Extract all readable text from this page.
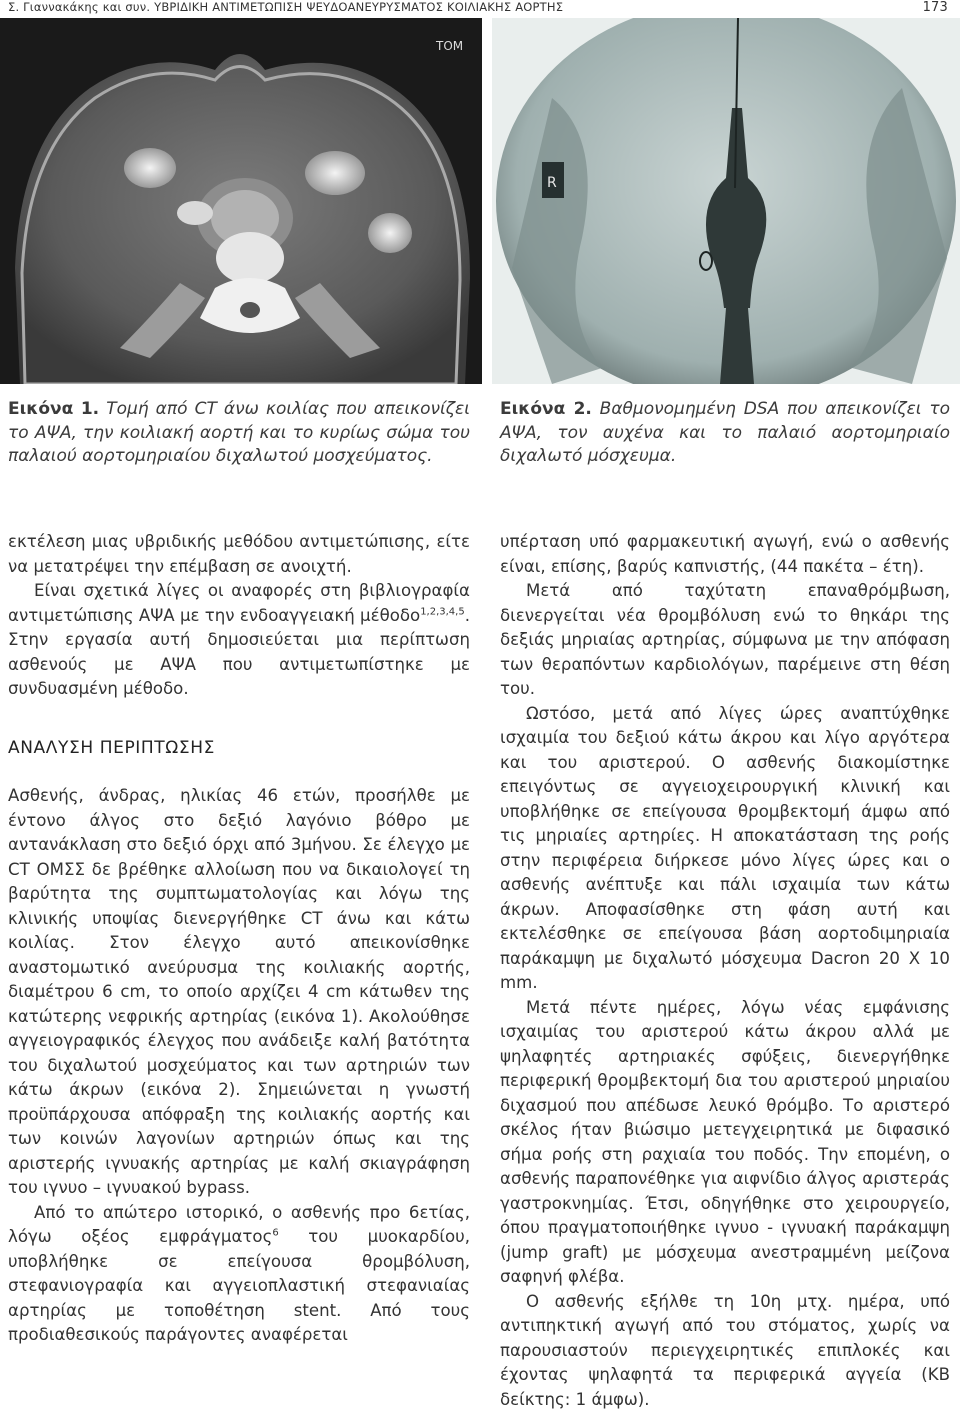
Σ. Γιαννακάκης και συν. ΥΒΡΙΔΙΚΗ ΑΝΤΙΜΕΤΩΠΙΣΗ ΨΕΥΔΟΑΝΕΥΡΥΣΜΑΤΟΣ ΚΟΙΛΙΑΚΗΣ ΑΟΡΤΗΣ	173
TOM
R
Εικόνα 1. Τομή από CT άνω κοιλίας που απεικονίζει το ΑΨΑ, την κοιλιακή αορτή και το κυρίως σώμα του παλαιού αορτομηριαίου διχαλωτού μοσχεύματος.
Εικόνα 2. Βαθμονομημένη DSA που απεικονίζει το ΑΨΑ, τον αυχένα και το παλαιό αορτομηριαίο διχαλωτό μόσχευμα.

εκτέλεση μιας υβριδικής μεθόδου αντιμετώπισης, είτε να μετατρέψει την επέμβαση σε ανοιχτή.

Είναι σχετικά λίγες οι αναφορές στη βιβλιογραφία αντιμετώπισης ΑΨΑ με την ενδοαγγειακή μέθοδο$^{1,2,3,4,5}$. Στην εργασία αυτή δημοσιεύεται μια περίπτωση ασθενούς με ΑΨΑ που αντιμετωπίστηκε με συνδυασμένη μέθοδο.

ΑΝΑΛΥΣΗ ΠΕΡΙΠΤΩΣΗΣ

Ασθενής, άνδρας, ηλικίας 46 ετών, προσήλθε με έντονο άλγος στο δεξιό λαγόνιο βόθρο με αντανάκλαση στο δεξιό όρχι από 3μήνου. Σε έλεγχο με CT ΟΜΣΣ δε βρέθηκε αλλοίωση που να δικαιολογεί τη βαρύτητα της συμπτωματολογίας και λόγω της κλινικής υποψίας διενεργήθηκε CT άνω και κάτω κοιλίας. Στον έλεγχο αυτό απεικονίσθηκε αναστομωτικό ανεύρυσμα της κοιλιακής αορτής, διαμέτρου 6 cm, το οποίο αρχίζει 4 cm κάτωθεν της κατώτερης νεφρικής αρτηρίας (εικόνα 1). Ακολούθησε αγγειογραφικός έλεγχος που ανάδειξε καλή βατότητα του διχαλωτού μοσχεύματος και των αρτηριών των κάτω άκρων (εικόνα 2). Σημειώνεται η γνωστή προϋπάρχουσα απόφραξη της κοιλιακής αορτής και των κοινών λαγονίων αρτηριών όπως και της αριστερής ιγνυακής αρτηρίας με καλή σκιαγράφηση του ιγνυο – ιγνυακού bypass.

Από το απώτερο ιστορικό, ο ασθενής προ 6ετίας, λόγω οξέος εμφράγματος$^6$ του μυοκαρδίου, υποβλήθηκε σε επείγουσα θρομβόλυση, στεφανιογραφία και αγγειοπλαστική στεφανιαίας αρτηρίας με τοποθέτηση stent. Από τους προδιαθεσικούς παράγοντες αναφέρεται

υπέρταση υπό φαρμακευτική αγωγή, ενώ ο ασθενής είναι, επίσης, βαρύς καπνιστής, (44 πακέτα – έτη).

Μετά από ταχύτατη επαναθρόμβωση, διενεργείται νέα θρομβόλυση ενώ το θηκάρι της δεξιάς μηριαίας αρτηρίας, σύμφωνα με την απόφαση των θεραπόντων καρδιολόγων, παρέμεινε στη θέση του.

Ωστόσο, μετά από λίγες ώρες αναπτύχθηκε ισχαιμία του δεξιού κάτω άκρου και λίγο αργότερα και του αριστερού. Ο ασθενής διακομίστηκε επειγόντως σε αγγειοχειρουργική κλινική και υποβλήθηκε σε επείγουσα θρομβεκτομή άμφω από τις μηριαίες αρτηρίες. Η αποκατάσταση της ροής στην περιφέρεια διήρκεσε μόνο λίγες ώρες και ο ασθενής ανέπτυξε και πάλι ισχαιμία των κάτω άκρων. Αποφασίσθηκε στη φάση αυτή και εκτελέσθηκε σε επείγουσα βάση αορτοδιμηριαία παράκαμψη με διχαλωτό μόσχευμα Dacron 20 X 10 mm.

Μετά πέντε ημέρες, λόγω νέας εμφάνισης ισχαιμίας του αριστερού κάτω άκρου αλλά με ψηλαφητές αρτηριακές σφύξεις, διενεργήθηκε περιφερική θρομβεκτομή δια του αριστερού μηριαίου διχασμού που απέδωσε λευκό θρόμβο. Το αριστερό σκέλος ήταν βιώσιμο μετεγχειρητικά με διφασικό σήμα ροής στη ραχιαία του ποδός. Την επομένη, ο ασθενής παραπονέθηκε για αιφνίδιο άλγος αριστεράς γαστροκνημίας. Έτσι, οδηγήθηκε στο χειρουργείο, όπου πραγματοποιήθηκε ιγνυο - ιγνυακή παράκαμψη (jump graft) με μόσχευμα ανεστραμμένη μείζονα σαφηνή φλέβα.

Ο ασθενής εξήλθε τη 10η μτχ. ημέρα, υπό αντιπηκτική αγωγή από του στόματος, χωρίς να παρουσιαστούν περιεγχειρητικές επιπλοκές και έχοντας ψηλαφητά τα περιφερικά αγγεία (ΚΒ δείκτης: 1 άμφω).
